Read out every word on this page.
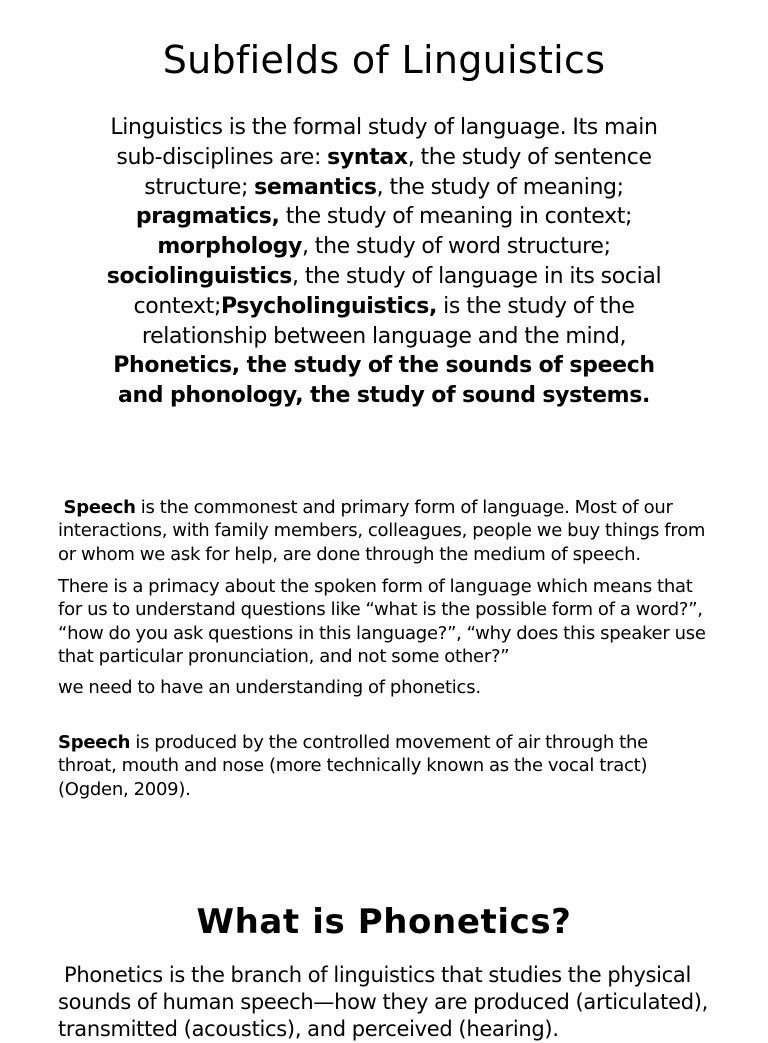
Subfields of Linguistics

Linguistics is the formal study of language. Its main sub-disciplines are: syntax, the study of sentence structure; semantics, the study of meaning; pragmatics, the study of meaning in context; morphology, the study of word structure; sociolinguistics, the study of language in its social context;Psycholinguistics, is the study of the relationship between language and the mind, Phonetics, the study of the sounds of speech and phonology, the study of sound systems.

Speech is the commonest and primary form of language. Most of our interactions, with family members, colleagues, people we buy things from or whom we ask for help, are done through the medium of speech.

There is a primacy about the spoken form of language which means that for us to understand questions like “what is the possible form of a word?”, “how do you ask questions in this language?”, “why does this speaker use that particular pronunciation, and not some other?”

we need to have an understanding of phonetics.

Speech is produced by the controlled movement of air through the throat, mouth and nose (more technically known as the vocal tract) (Ogden, 2009).

What is Phonetics?

Phonetics is the branch of linguistics that studies the physical sounds of human speech—how they are produced (articulated), transmitted (acoustics), and perceived (hearing).
